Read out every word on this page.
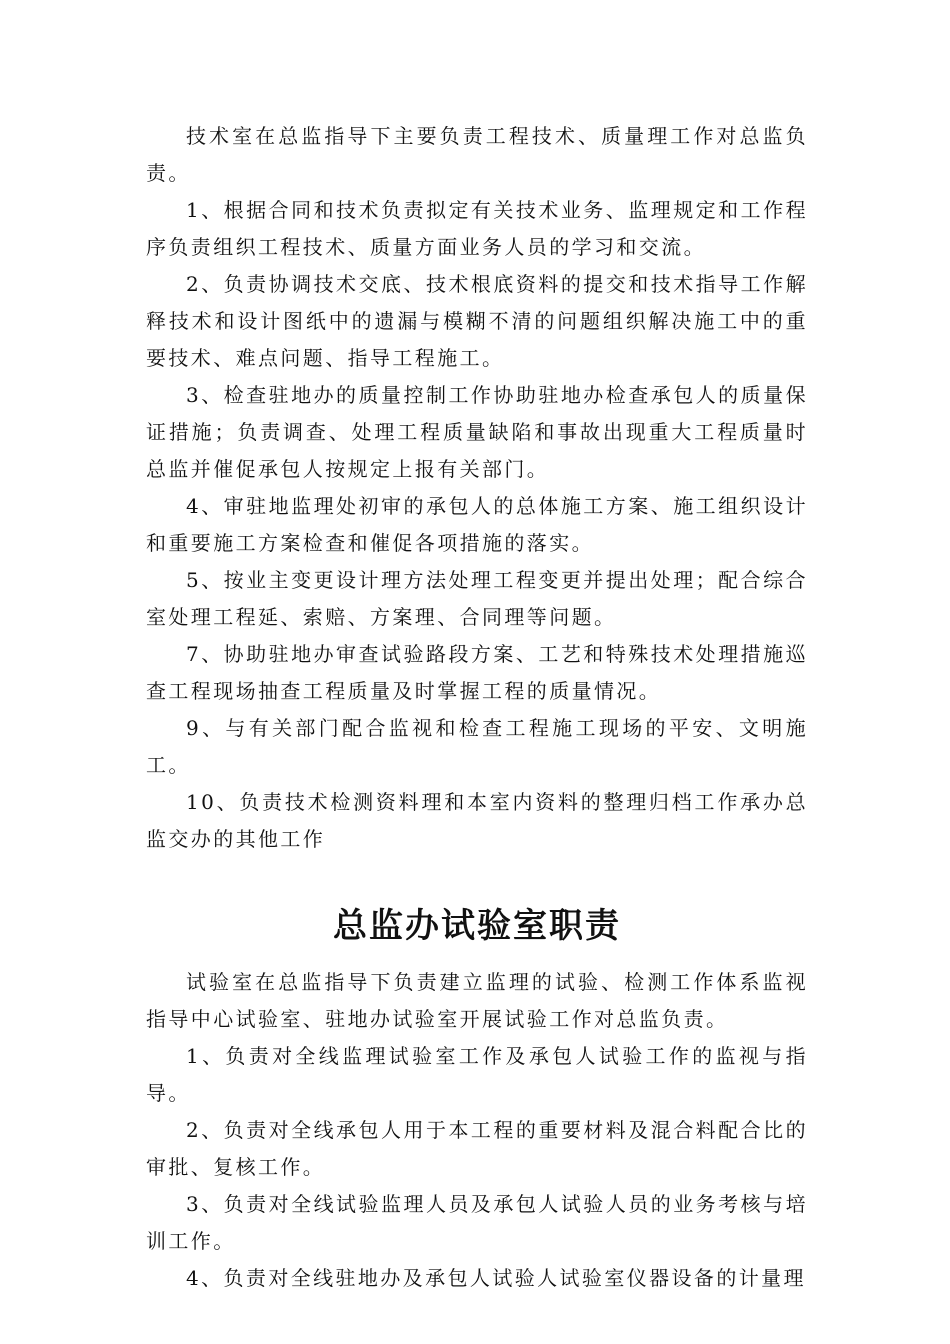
技术室在总监指导下主要负责工程技术、质量理工作对总监负责。

1、根据合同和技术负责拟定有关技术业务、监理规定和工作程序负责组织工程技术、质量方面业务人员的学习和交流。

2、负责协调技术交底、技术根底资料的提交和技术指导工作解释技术和设计图纸中的遗漏与模糊不清的问题组织解决施工中的重要技术、难点问题、指导工程施工。

3、检查驻地办的质量控制工作协助驻地办检查承包人的质量保证措施；负责调查、处理工程质量缺陷和事故出现重大工程质量时总监并催促承包人按规定上报有关部门。

4、审驻地监理处初审的承包人的总体施工方案、施工组织设计和重要施工方案检查和催促各项措施的落实。

5、按业主变更设计理方法处理工程变更并提出处理；配合综合室处理工程延、索赔、方案理、合同理等问题。

7、协助驻地办审查试验路段方案、工艺和特殊技术处理措施巡查工程现场抽查工程质量及时掌握工程的质量情况。

9、与有关部门配合监视和检查工程施工现场的平安、文明施工。

10、负责技术检测资料理和本室内资料的整理归档工作承办总监交办的其他工作

总监办试验室职责

试验室在总监指导下负责建立监理的试验、检测工作体系监视指导中心试验室、驻地办试验室开展试验工作对总监负责。

1、负责对全线监理试验室工作及承包人试验工作的监视与指导。

2、负责对全线承包人用于本工程的重要材料及混合料配合比的审批、复核工作。

3、负责对全线试验监理人员及承包人试验人员的业务考核与培训工作。

4、负责对全线驻地办及承包人试验人试验室仪器设备的计量理
